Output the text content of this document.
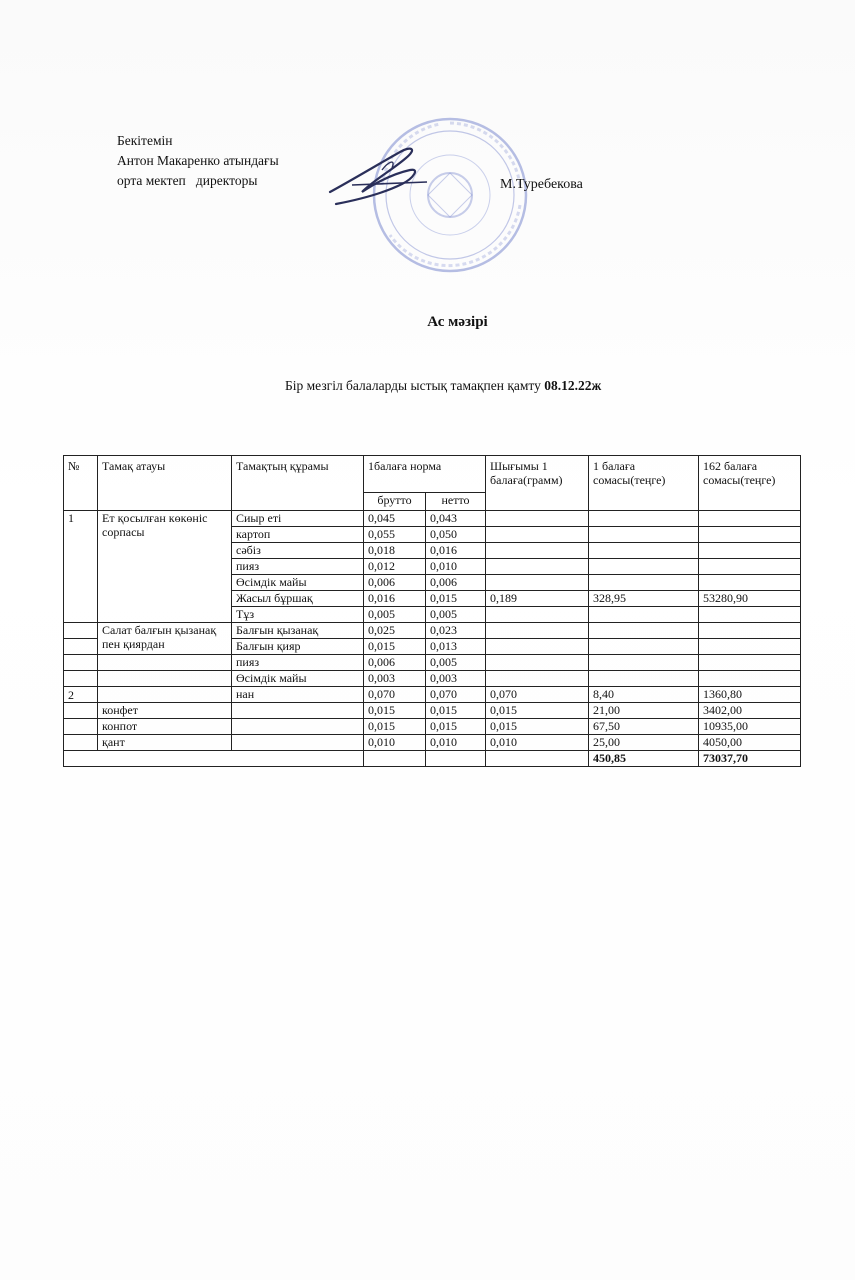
Бекітемін
Антон Макаренко атындағы
орта мектеп   директоры	М.Туребекова
Ас мәзірі
Бір мезгіл балаларды ыстық тамақпен қамту 08.12.22ж
№	Тамақ атауы	Тамақтың құрамы	1балаға норма		Шығымы 1 балаға(грамм)	1 балаға сомасы(теңге)	162 балаға сомасы(теңге)
			брутто	нетто			
1	Ет қосылған көкөніс сорпасы	Сиыр еті	0,045	0,043			
		картоп	0,055	0,050			
		сәбіз	0,018	0,016			
		пияз	0,012	0,010			
		Өсімдік майы	0,006	0,006			
		Жасыл бұршақ	0,016	0,015	0,189	328,95	53280,90
		Тұз	0,005	0,005			
	Салат балғын қызанақ пен қиярдан	Балғын қызанақ	0,025	0,023			
		Балғын қияр	0,015	0,013			
		пияз	0,006	0,005			
		Өсімдік майы	0,003	0,003			
2		нан	0,070	0,070	0,070	8,40	1360,80
	конфет		0,015	0,015	0,015	21,00	3402,00
	конпот		0,015	0,015	0,015	67,50	10935,00
	қант		0,010	0,010	0,010	25,00	4050,00
						450,85	73037,70
